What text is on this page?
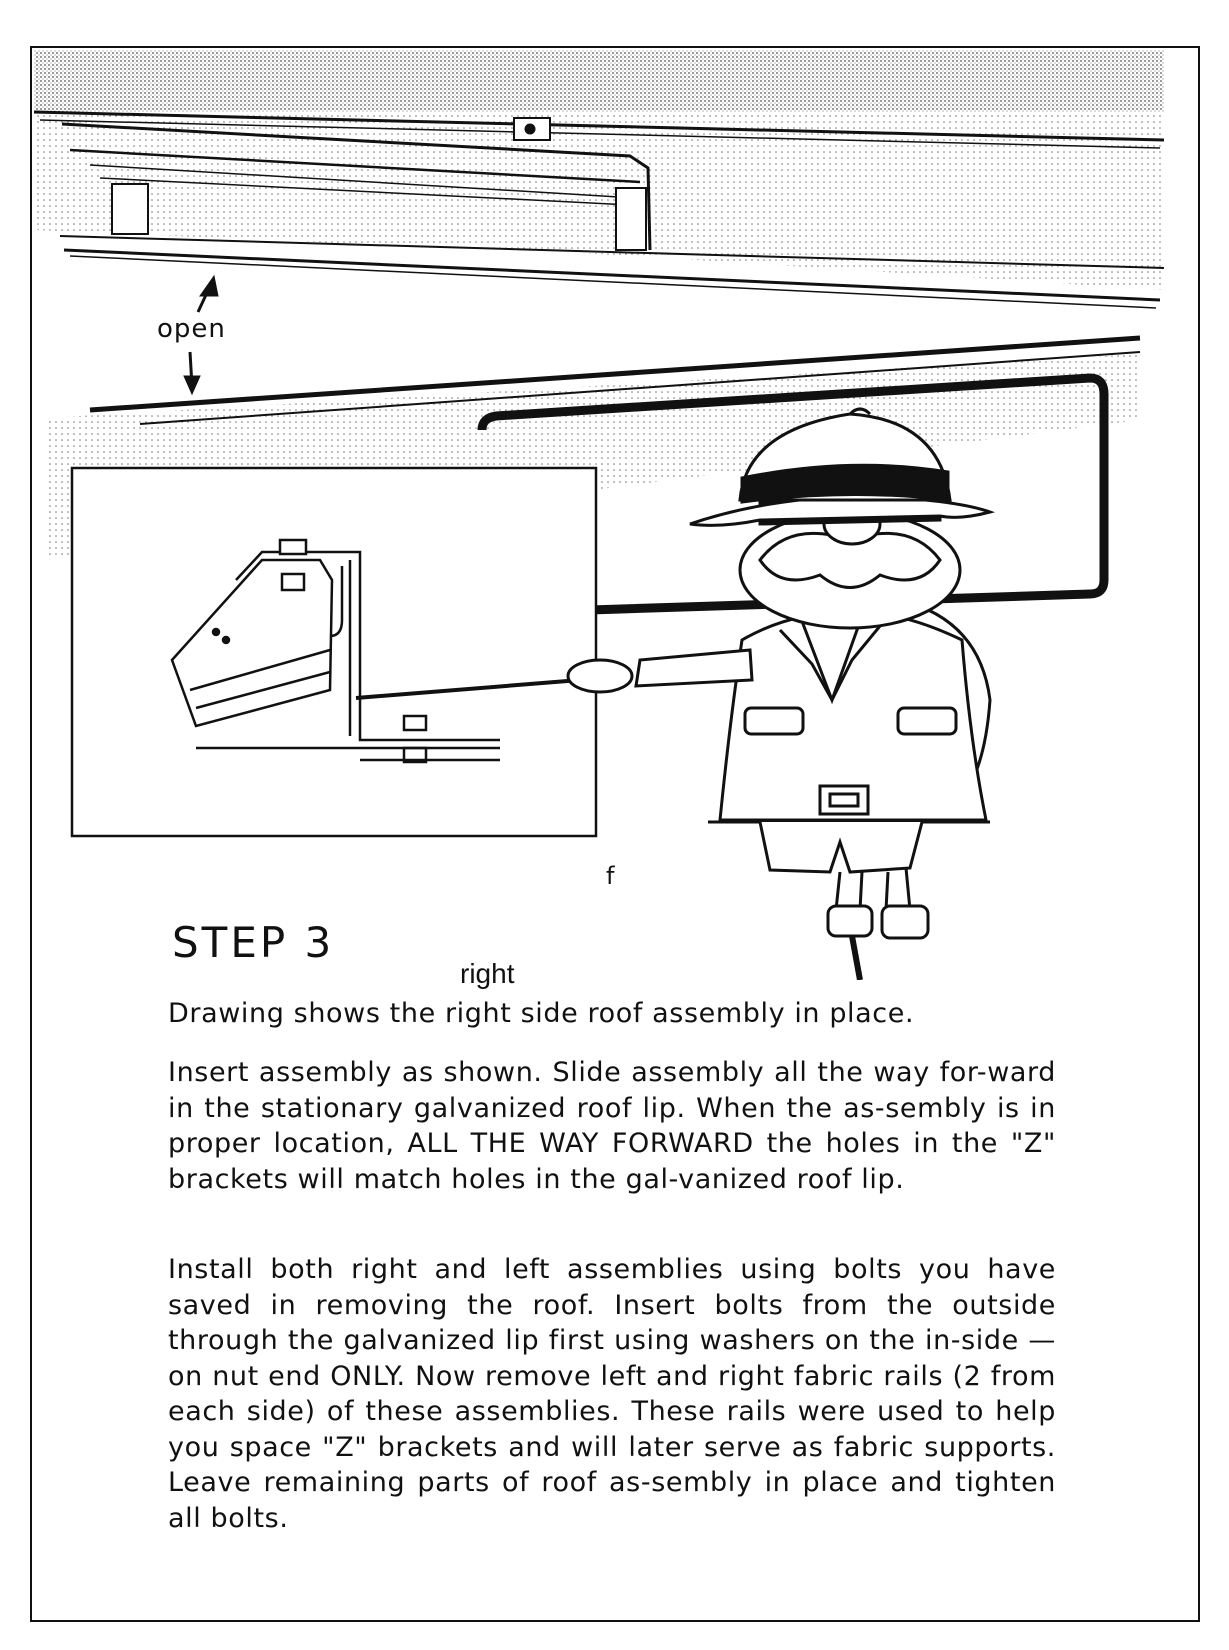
open
f
STEP 3
right

Drawing shows the right side roof assembly in place.

Insert assembly as shown. Slide assembly all the way for-ward in the stationary galvanized roof lip. When the as-sembly is in proper location, ALL THE WAY FORWARD the holes in the "Z" brackets will match holes in the gal-vanized roof lip.

Install both right and left assemblies using bolts you have saved in removing the roof. Insert bolts from the outside through the galvanized lip first using washers on the in-side — on nut end ONLY. Now remove left and right fabric rails (2 from each side) of these assemblies. These rails were used to help you space "Z" brackets and will later serve as fabric supports. Leave remaining parts of roof as-sembly in place and tighten all bolts.
